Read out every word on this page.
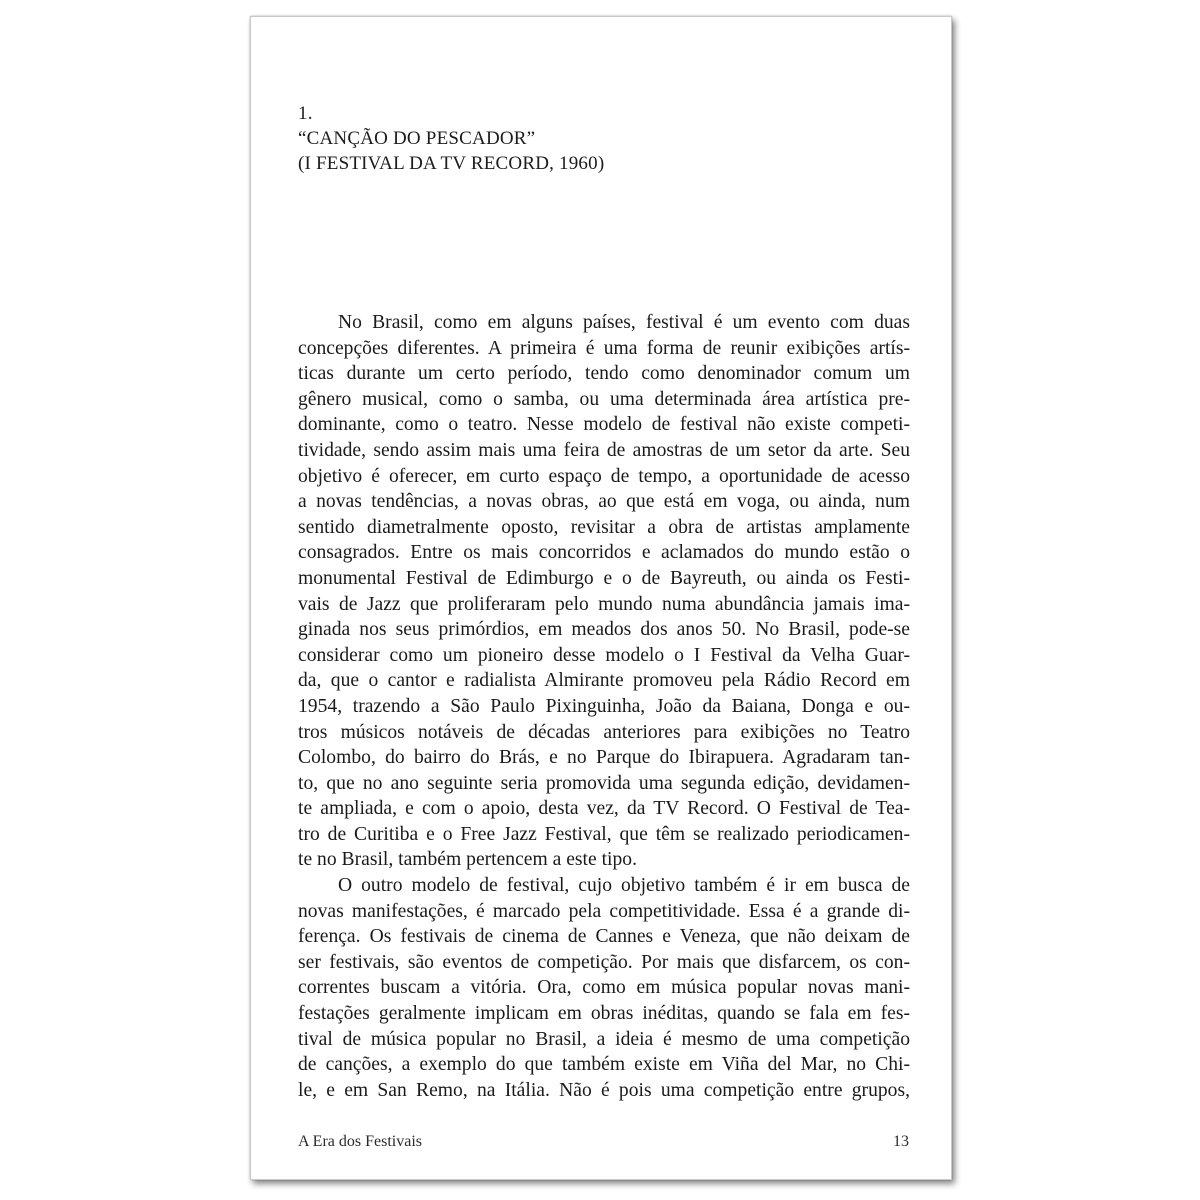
1.
“CANÇÃO DO PESCADOR”
(I FESTIVAL DA TV RECORD, 1960)
No Brasil, como em alguns países, festival é um evento com duas
concepções diferentes. A primeira é uma forma de reunir exibições artís-
ticas durante um certo período, tendo como denominador comum um
gênero musical, como o samba, ou uma determinada área artística pre-
dominante, como o teatro. Nesse modelo de festival não existe competi-
tividade, sendo assim mais uma feira de amostras de um setor da arte. Seu
objetivo é oferecer, em curto espaço de tempo, a oportunidade de acesso
a novas tendências, a novas obras, ao que está em voga, ou ainda, num
sentido diametralmente oposto, revisitar a obra de artistas amplamente
consagrados. Entre os mais concorridos e aclamados do mundo estão o
monumental Festival de Edimburgo e o de Bayreuth, ou ainda os Festi-
vais de Jazz que proliferaram pelo mundo numa abundância jamais ima-
ginada nos seus primórdios, em meados dos anos 50. No Brasil, pode-se
considerar como um pioneiro desse modelo o I Festival da Velha Guar-
da, que o cantor e radialista Almirante promoveu pela Rádio Record em
1954, trazendo a São Paulo Pixinguinha, João da Baiana, Donga e ou-
tros músicos notáveis de décadas anteriores para exibições no Teatro
Colombo, do bairro do Brás, e no Parque do Ibirapuera. Agradaram tan-
to, que no ano seguinte seria promovida uma segunda edição, devidamen-
te ampliada, e com o apoio, desta vez, da TV Record. O Festival de Tea-
tro de Curitiba e o Free Jazz Festival, que têm se realizado periodicamen-
te no Brasil, também pertencem a este tipo.
O outro modelo de festival, cujo objetivo também é ir em busca de
novas manifestações, é marcado pela competitividade. Essa é a grande di-
ferença. Os festivais de cinema de Cannes e Veneza, que não deixam de
ser festivais, são eventos de competição. Por mais que disfarcem, os con-
correntes buscam a vitória. Ora, como em música popular novas mani-
festações geralmente implicam em obras inéditas, quando se fala em fes-
tival de música popular no Brasil, a ideia é mesmo de uma competição
de canções, a exemplo do que também existe em Viña del Mar, no Chi-
le, e em San Remo, na Itália. Não é pois uma competição entre grupos,
A Era dos Festivais	13
